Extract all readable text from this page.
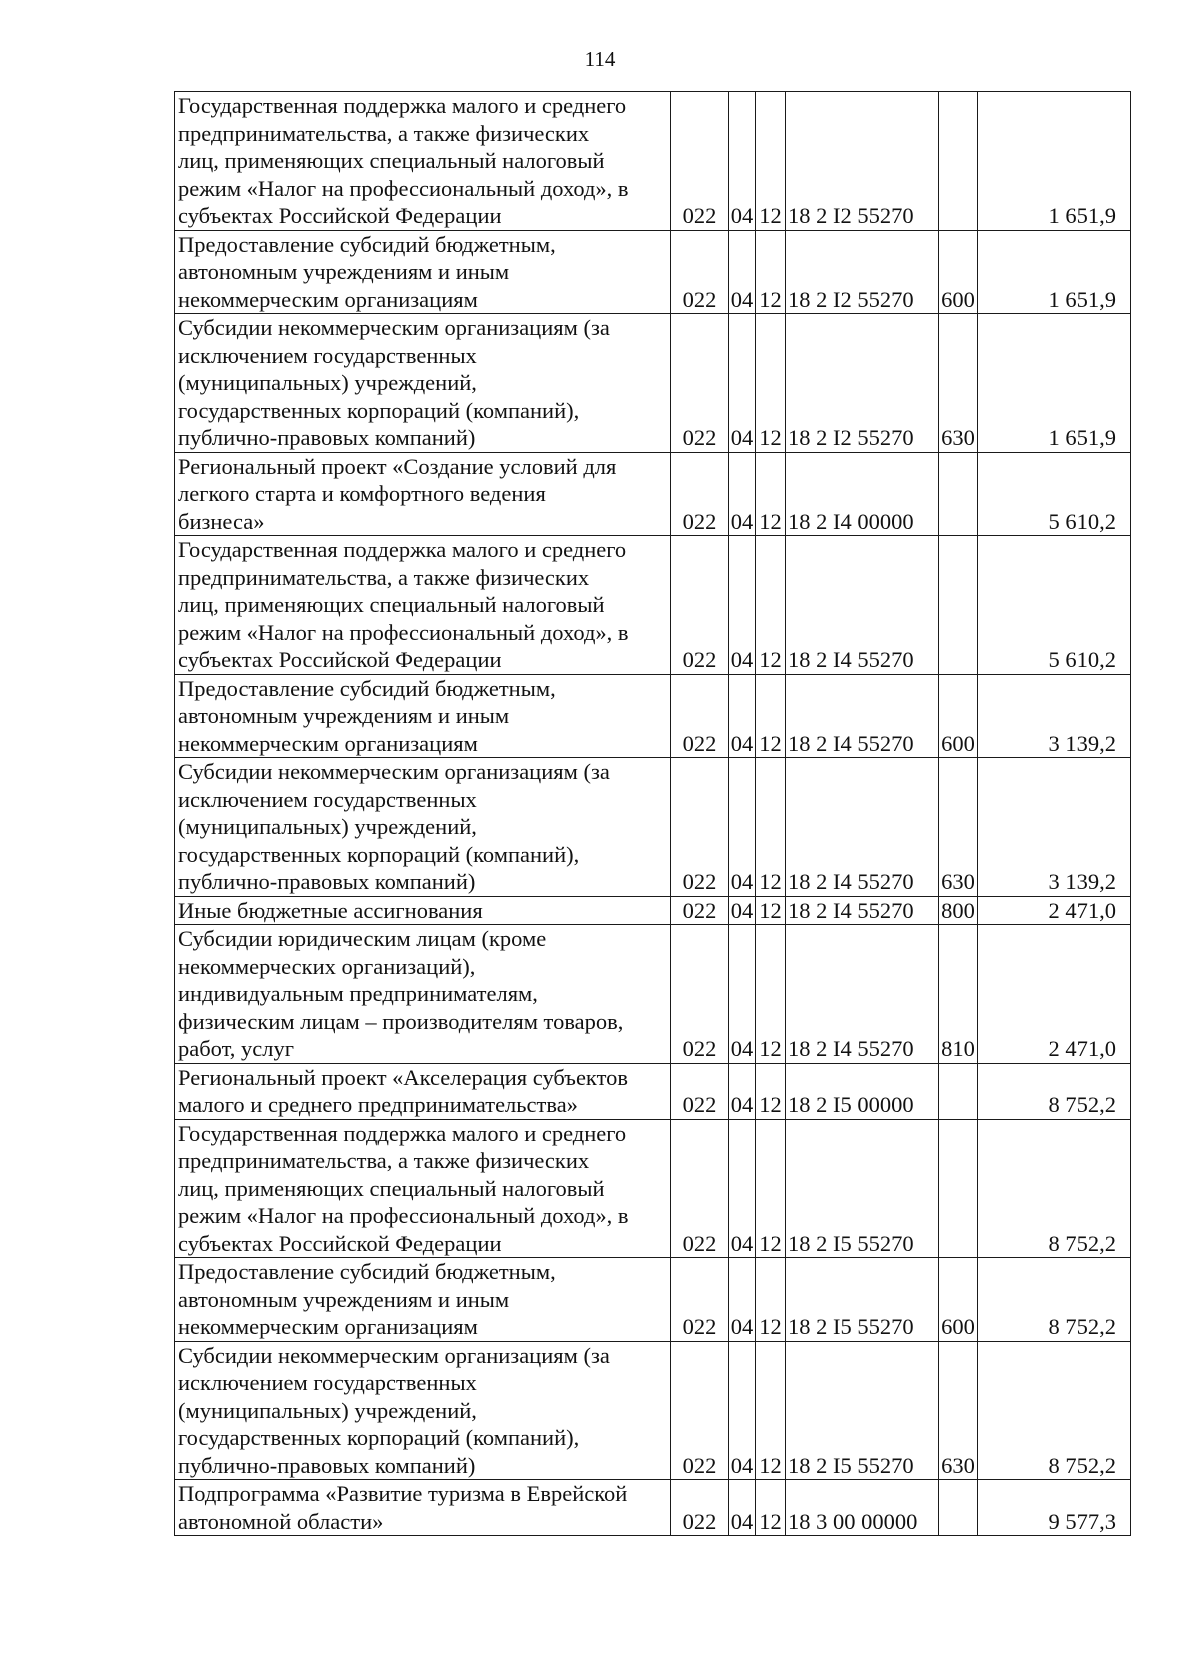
114
Государственная поддержка малого и среднего
предпринимательства, а также физических
лиц, применяющих специальный налоговый
режим «Налог на профессиональный доход», в
субъектах Российской Федерации	022	04	12	18 2 I2 55270		1 651,9

Предоставление субсидий бюджетным,
автономным учреждениям и иным
некоммерческим организациям	022	04	12	18 2 I2 55270	600	1 651,9

Субсидии некоммерческим организациям (за
исключением государственных
(муниципальных) учреждений,
государственных корпораций (компаний),
публично-правовых компаний)	022	04	12	18 2 I2 55270	630	1 651,9

Региональный проект «Создание условий для
легкого старта и комфортного ведения
бизнеса»	022	04	12	18 2 I4 00000		5 610,2

Государственная поддержка малого и среднего
предпринимательства, а также физических
лиц, применяющих специальный налоговый
режим «Налог на профессиональный доход», в
субъектах Российской Федерации	022	04	12	18 2 I4 55270		5 610,2

Предоставление субсидий бюджетным,
автономным учреждениям и иным
некоммерческим организациям	022	04	12	18 2 I4 55270	600	3 139,2

Субсидии некоммерческим организациям (за
исключением государственных
(муниципальных) учреждений,
государственных корпораций (компаний),
публично-правовых компаний)	022	04	12	18 2 I4 55270	630	3 139,2

Иные бюджетные ассигнования	022	04	12	18 2 I4 55270	800	2 471,0

Субсидии юридическим лицам (кроме
некоммерческих организаций),
индивидуальным предпринимателям,
физическим лицам – производителям товаров,
работ, услуг	022	04	12	18 2 I4 55270	810	2 471,0

Региональный проект «Акселерация субъектов
малого и среднего предпринимательства»	022	04	12	18 2 I5 00000		8 752,2

Государственная поддержка малого и среднего
предпринимательства, а также физических
лиц, применяющих специальный налоговый
режим «Налог на профессиональный доход», в
субъектах Российской Федерации	022	04	12	18 2 I5 55270		8 752,2

Предоставление субсидий бюджетным,
автономным учреждениям и иным
некоммерческим организациям	022	04	12	18 2 I5 55270	600	8 752,2

Субсидии некоммерческим организациям (за
исключением государственных
(муниципальных) учреждений,
государственных корпораций (компаний),
публично-правовых компаний)	022	04	12	18 2 I5 55270	630	8 752,2

Подпрограмма «Развитие туризма в Еврейской
автономной области»	022	04	12	18 3 00 00000		9 577,3
